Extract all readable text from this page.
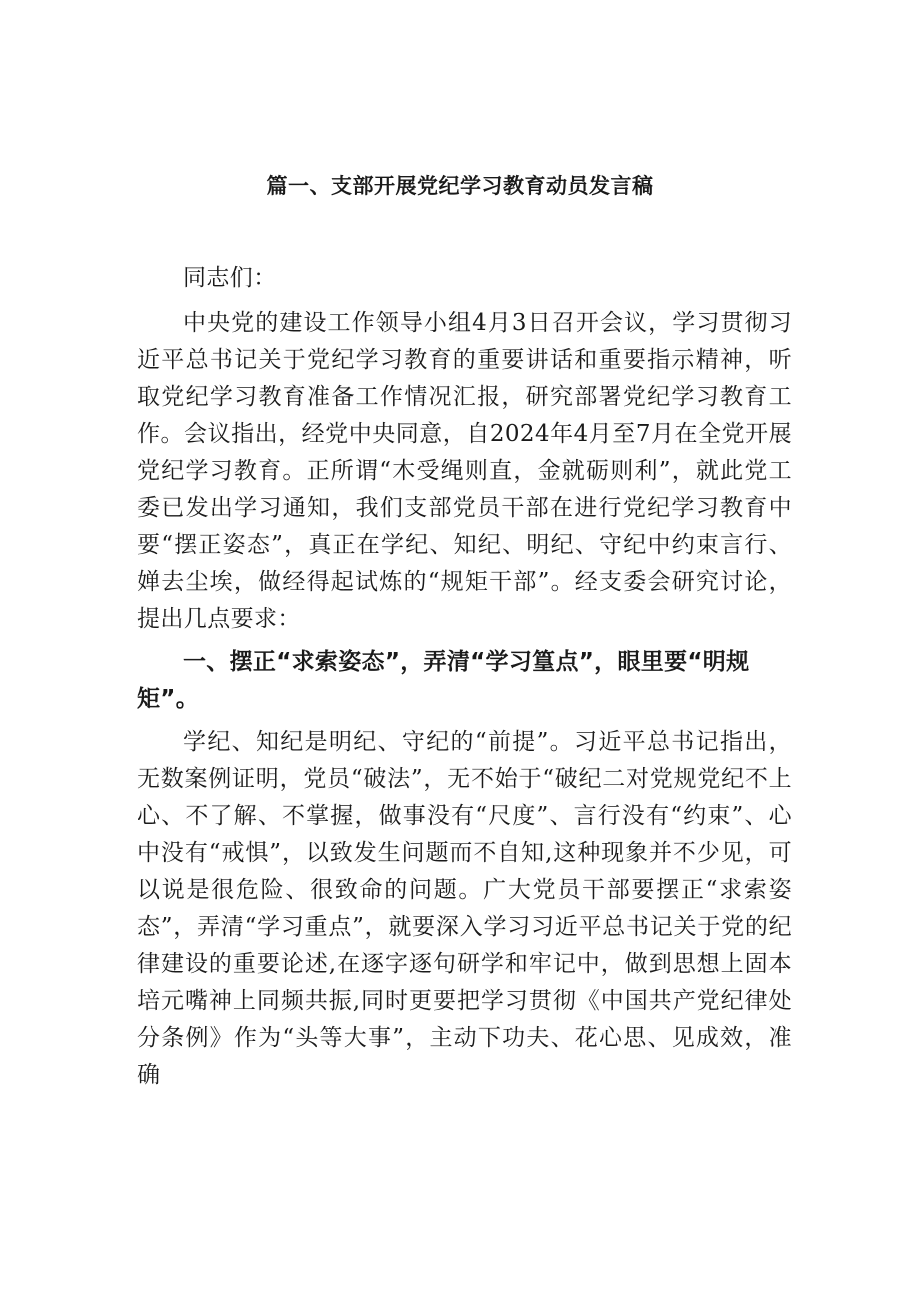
篇一、支部开展党纪学习教育动员发言稿

同志们：

中央党的建设工作领导小组4月3日召开会议，学习贯彻习近平总书记关于党纪学习教育的重要讲话和重要指示精神，听取党纪学习教育准备工作情况汇报，研究部署党纪学习教育工作。会议指出，经党中央同意，自2024年4月至7月在全党开展党纪学习教育。正所谓“木受绳则直，金就砺则利”，就此党工委已发出学习通知，我们支部党员干部在进行党纪学习教育中要“摆正姿态”，真正在学纪、知纪、明纪、守纪中约束言行、婵去尘埃，做经得起试炼的“规矩干部”。经支委会研究讨论，提出几点要求：

一、摆正“求索姿态”，弄清“学习篁点”，眼里要“明规矩”。

学纪、知纪是明纪、守纪的“前提”。习近平总书记指出，无数案例证明，党员“破法”，无不始于“破纪二对党规党纪不上心、不了解、不掌握，做事没有“尺度”、言行没有“约束”、心中没有“戒惧”，以致发生问题而不自知,这种现象并不少见，可以说是很危险、很致命的问题。广大党员干部要摆正“求索姿态”，弄清“学习重点”，就要深入学习习近平总书记关于党的纪律建设的重要论述,在逐字逐句研学和牢记中，做到思想上固本培元嘴神上同频共振,同时更要把学习贯彻《中国共产党纪律处分条例》作为“头等大事”，主动下功夫、花心思、见成效，准确
